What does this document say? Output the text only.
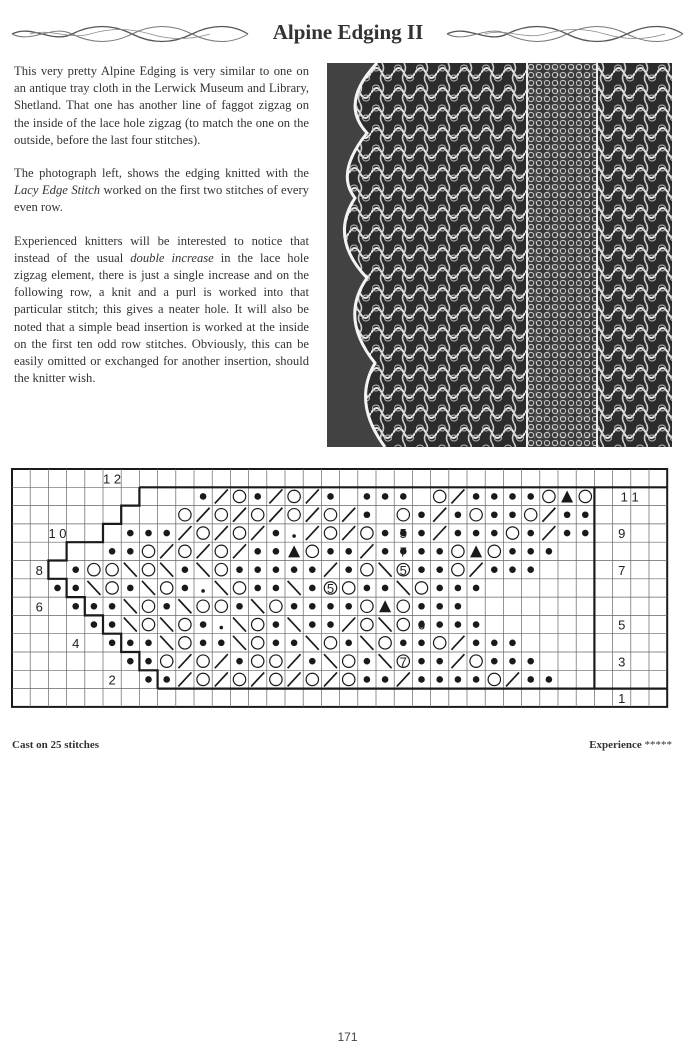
Alpine Edging II

This very pretty Alpine Edging is very similar to one on an antique tray cloth in the Lerwick Museum and Library, Shetland. That one has another line of faggot zigzag on the inside of the lace hole zigzag (to match the one on the outside, before the last four stitches).

The photograph left, shows the edging knitted with the Lacy Edge Stitch worked on the first two stitches of every even row.

Experienced knitters will be interested to notice that instead of the usual double increase in the lace hole zigzag element, there is just a single increase and on the following row, a knit and a purl is worked into that particular stitch; this gives a neater hole. It will also be noted that a simple bead insertion is worked at the inside on the first ten odd row stitches. Obviously, this can be easily omitted or exchanged for another insertion, should the knitter wish.

1 2
1 0
8
6
4
2
1 1
9
7
5
3
1
5
7
5
5
6
7
Cast on 25 stitches	Experience *****
171
